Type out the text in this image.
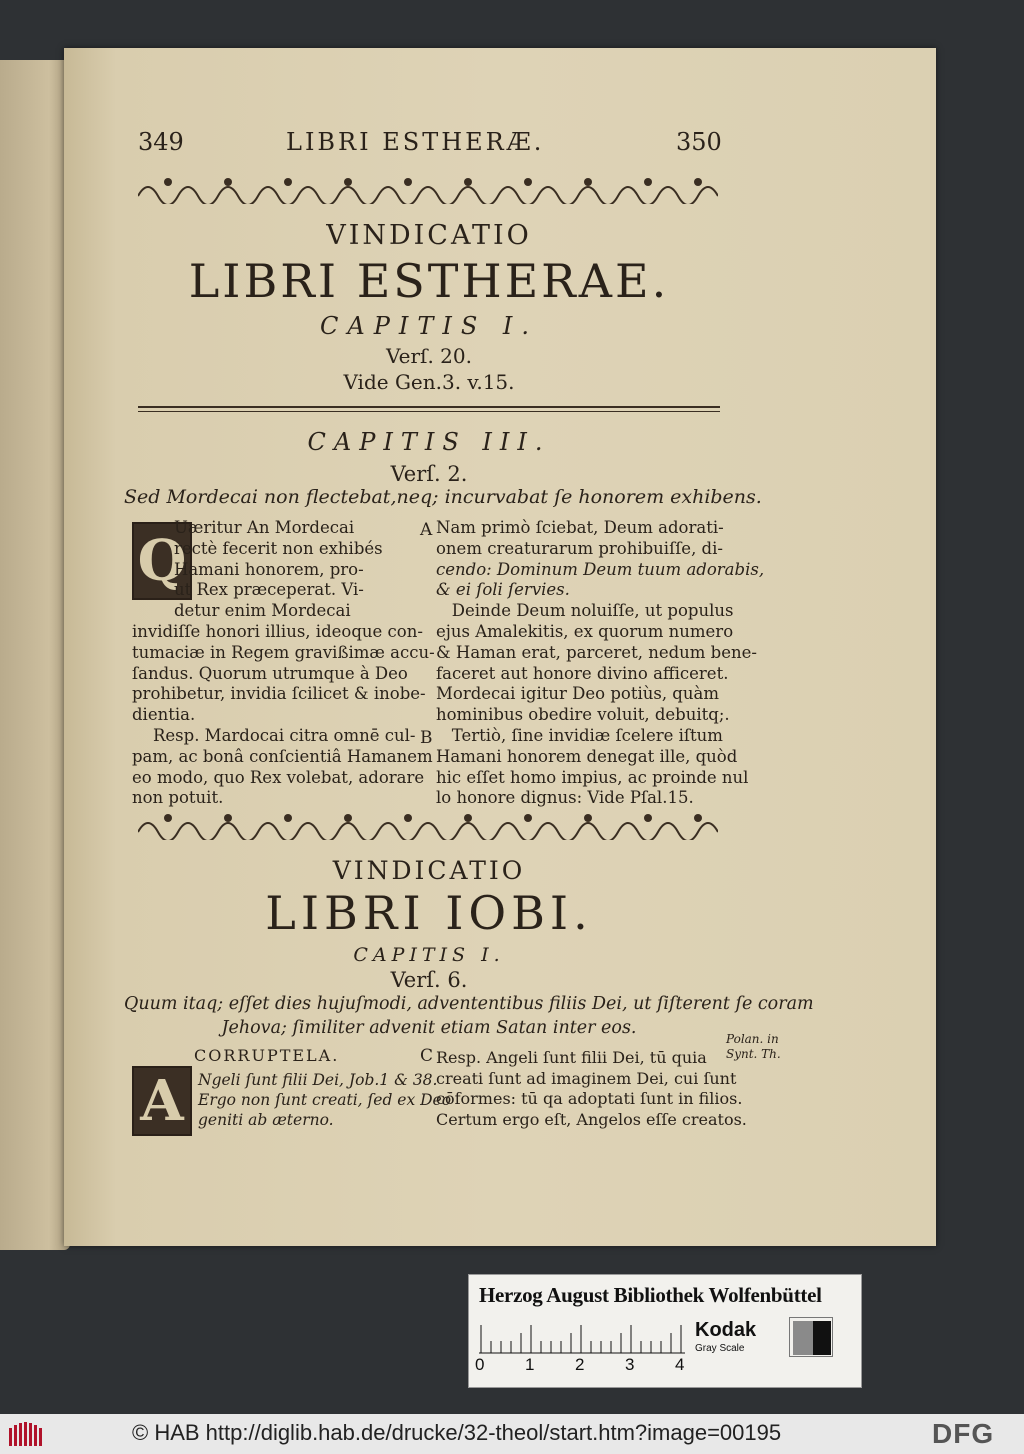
349	LIBRI ESTHERÆ.	350
VINDICATIO
LIBRI ESTHERAE.
CAPITIS I.
Verſ. 20.
Vide Gen.3. v.15.
CAPITIS III.
Verſ. 2.
Sed Mordecai non flectebat,neq; incurvabat ſe honorem exhibens.
Q

Uæritur An Mordecai

rectè fecerit non exhibés

Hamani honorem, pro-

ut Rex præceperat. Vi-

detur enim Mordecai

invidiſſe honori illius, ideoque con-

tumaciæ in Regem gravißimæ accu-

ſandus. Quorum utrumque à Deo

prohibetur, invidia ſcilicet & inobe-

dientia.

Resp. Mardocai citra omnē cul-

pam, ac bonâ conſcientiâ Hamanem

eo modo, quo Rex volebat, adorare

non potuit.

A
B

Nam primò ſciebat, Deum adorati-

onem creaturarum prohibuiſſe, di-

cendo: Dominum Deum tuum adorabis,

& ei ſoli ſervies.

Deinde Deum noluiſſe, ut populus

ejus Amalekitis, ex quorum numero

& Haman erat, parceret, nedum bene-

faceret aut honore divino afficeret.

Mordecai igitur Deo potiùs, quàm

hominibus obedire voluit, debuitq;.

Tertiò, ſine invidiæ ſcelere iſtum

Hamani honorem denegat ille, quòd

hic eſſet homo impius, ac proinde nul

lo honore dignus: Vide Pſal.15.

VINDICATIO
LIBRI IOBI.
CAPITIS I.
Verſ. 6.
Quum itaq; eſſet dies hujuſmodi, advententibus filiis Dei, ut ſiſterent ſe coram
Jehova; ſimiliter advenit etiam Satan inter eos.
CORRUPTELA.	C
A Ngeli ſunt filii Dei, Job.1 & 38.

Ergo non ſunt creati, ſed ex Deo

geniti ab æterno.

Resp. Angeli ſunt filii Dei, tū quia

creati ſunt ad imaginem Dei, cui ſunt

cōformes: tū qa adoptati ſunt in filios.

Certum ergo eſt, Angelos eſſe creatos.

Polan. in
Synt. Th.
Herzog August Bibliothek Wolfenbüttel
0 1 2 3 4
Kodak
Gray Scale
© HAB http://diglib.hab.de/drucke/32-theol/start.htm?image=00195	DFG
